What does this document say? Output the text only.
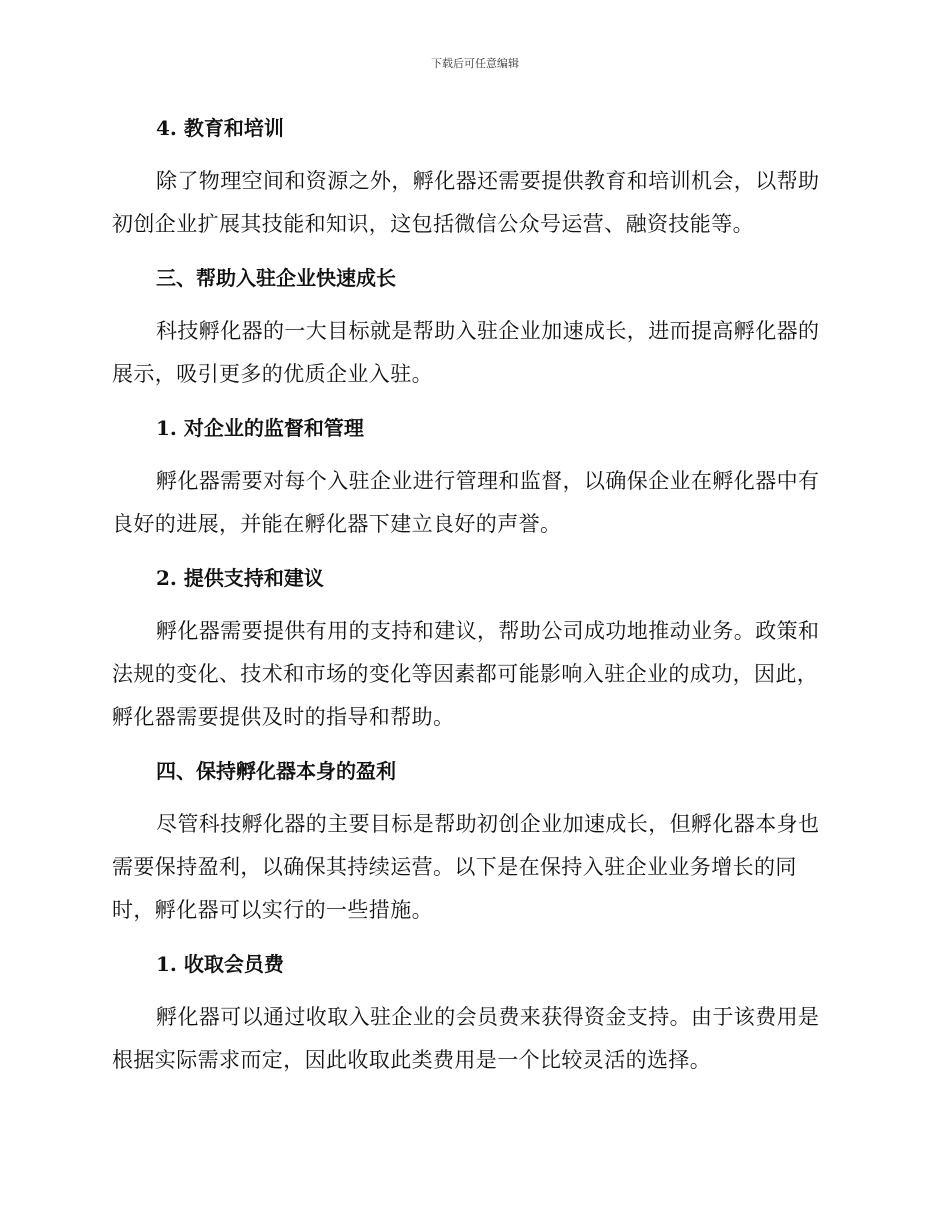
下载后可任意编辑
4. 教育和培训

除了物理空间和资源之外，孵化器还需要提供教育和培训机会，以帮助初创企业扩展其技能和知识，这包括微信公众号运营、融资技能等。

三、帮助入驻企业快速成长

科技孵化器的一大目标就是帮助入驻企业加速成长，进而提高孵化器的展示，吸引更多的优质企业入驻。

1. 对企业的监督和管理

孵化器需要对每个入驻企业进行管理和监督，以确保企业在孵化器中有良好的进展，并能在孵化器下建立良好的声誉。

2. 提供支持和建议

孵化器需要提供有用的支持和建议，帮助公司成功地推动业务。政策和法规的变化、技术和市场的变化等因素都可能影响入驻企业的成功，因此，孵化器需要提供及时的指导和帮助。

四、保持孵化器本身的盈利

尽管科技孵化器的主要目标是帮助初创企业加速成长，但孵化器本身也需要保持盈利，以确保其持续运营。以下是在保持入驻企业业务增长的同时，孵化器可以实行的一些措施。

1. 收取会员费

孵化器可以通过收取入驻企业的会员费来获得资金支持。由于该费用是根据实际需求而定，因此收取此类费用是一个比较灵活的选择。
